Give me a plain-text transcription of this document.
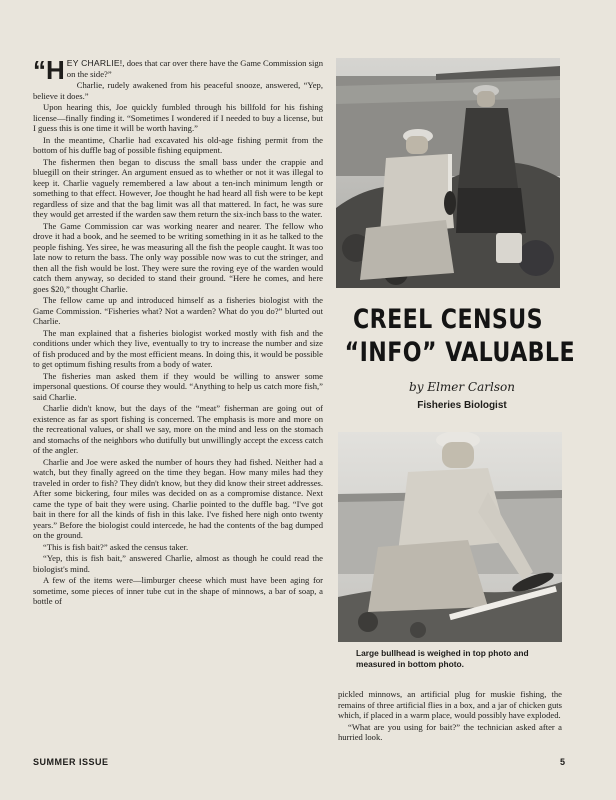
“HEY CHARLIE!, does that car over there have the Game Commission sign on the side?”

Charlie, rudely awakened from his peaceful snooze, answered, “Yep, believe it does.”

Upon hearing this, Joe quickly fumbled through his billfold for his fishing license—finally finding it. “Sometimes I wondered if I needed to buy a license, but I guess this is one time it will be worth having.”

In the meantime, Charlie had excavated his old-age fishing permit from the bottom of his duffle bag of possible fishing equipment.

The fishermen then began to discuss the small bass under the crappie and bluegill on their stringer. An argument ensued as to whether or not it was illegal to keep it. Charlie vaguely remembered a law about a ten-inch minimum length or something to that effect. However, Joe thought he had heard all fish were to be kept regardless of size and that the bag limit was all that mattered. In fact, he was sure they would get arrested if the warden saw them return the six-inch bass to the water.

The Game Commission car was working nearer and nearer. The fellow who drove it had a book, and he seemed to be writing something in it as he talked to the people fishing. Yes siree, he was measuring all the fish the people caught. It was too late now to return the bass. The only way possible now was to cut the stringer, and then all the fish would be lost. They were sure the roving eye of the warden would catch them anyway, so decided to stand their ground. “Here he comes, and here goes $20,” thought Charlie.

The fellow came up and introduced himself as a fisheries biologist with the Game Commission. “Fisheries what? Not a warden? What do you do?” blurted out Charlie.

The man explained that a fisheries biologist worked mostly with fish and the conditions under which they live, eventually to try to increase the number and size of fish produced and by the most efficient means. In doing this, it would be possible to get optimum fishing results from a body of water.

The fisheries man asked them if they would be willing to answer some impersonal questions. Of course they would. “Anything to help us catch more fish,” said Charlie.

Charlie didn't know, but the days of the “meat” fisherman are going out of existence as far as sport fishing is concerned. The emphasis is more and more on the recreational values, or shall we say, more on the mind and less on the stomach and stomachs of the neighbors who dutifully but unwillingly accept the excess catch of the angler.

Charlie and Joe were asked the number of hours they had fished. Neither had a watch, but they finally agreed on the time they began. How many miles had they traveled in order to fish? They didn't know, but they did know their street addresses. After some bickering, four miles was decided on as a compromise distance. Next came the type of bait they were using. Charlie pointed to the duffle bag. “I've got bait in there for all the kinds of fish in this lake. I've fished here nigh onto twenty years.” Before the biologist could intercede, he had the contents of the bag dumped on the ground.

“This is fish bait?” asked the census taker.

“Yep, this is fish bait,” answered Charlie, almost as though he could read the biologist's mind.

A few of the items were—limburger cheese which must have been aging for sometime, some pieces of inner tube cut in the shape of minnows, a bar of soap, a bottle of

CREEL CENSUS
“INFO” VALUABLE
by Elmer Carlson
Fisheries Biologist
Large bullhead is weighed in top photo and measured in bottom photo.

pickled minnows, an artificial plug for muskie fishing, the remains of three artificial flies in a box, and a jar of chicken guts which, if placed in a warm place, would possibly have exploded.

“What are you using for bait?” the technician asked after a hurried look.

SUMMER ISSUE	5
